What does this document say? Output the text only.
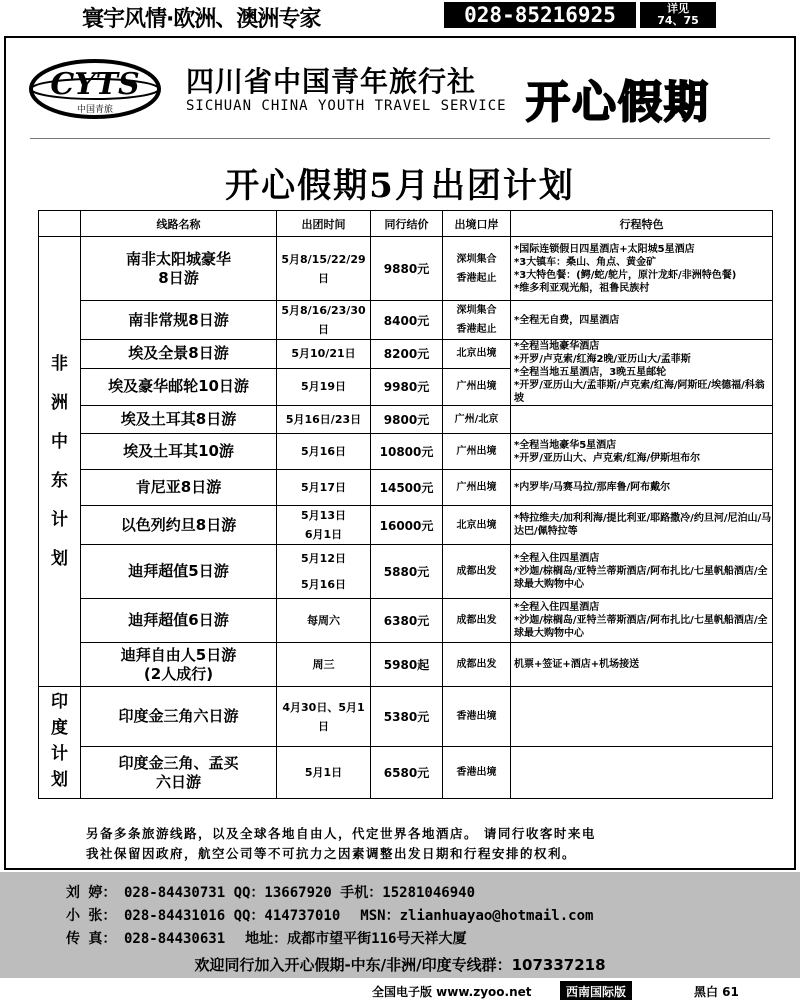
寰宇风情·欧洲、澳洲专家	028-85216925	详见
74、75
CYTS
中国青旅
四川省中国青年旅行社
SICHUAN CHINA YOUTH TRAVEL SERVICE 开心假期
开心假期5月出团计划
	线路名称	出团时间	同行结价	出境口岸	行程特色
非洲中东计划	南非太阳城豪华
8日游	5月8/15/22/29
日	9880元	深圳集合
香港起止	*国际连锁假日四星酒店+太阳城5星酒店
*3大镇车：桑山、角点、黄金矿
*3大特色餐：(鳄/蛇/鸵片，原汁龙虾/非洲特色餐)
*维多利亚观光船，祖鲁民族村
	南非常规8日游	5月8/16/23/30
日	8400元	深圳集合
香港起止	*全程无自费，四星酒店
	埃及全景8日游	5月10/21日	8200元	北京出境	*全程当地豪华酒店
*开罗/卢克索/红海2晚/亚历山大/孟菲斯
*全程当地五星酒店，3晚五星邮轮
*开罗/亚历山大/孟菲斯/卢克索/红海/阿斯旺/埃德福/科翁坡
	埃及豪华邮轮10日游	5月19日	9980元	广州出境	
	埃及土耳其8日游	5月16日/23日	9800元	广州/北京	
	埃及土耳其10游	5月16日	10800元	广州出境	*全程当地豪华5星酒店
*开罗/亚历山大、卢克索/红海/伊斯坦布尔
	肯尼亚8日游	5月17日	14500元	广州出境	*内罗毕/马赛马拉/那库鲁/阿布戴尔
	以色列约旦8日游	5月13日
6月1日	16000元	北京出境	*特拉维夫/加利利海/提比利亚/耶路撒冷/约旦河/尼泊山/马达巴/佩特拉等
	迪拜超值5日游	5月12日
5月16日	5880元	成都出发	*全程入住四星酒店
*沙迦/棕榈岛/亚特兰蒂斯酒店/阿布扎比/七星帆船酒店/全球最大购物中心
	迪拜超值6日游	每周六	6380元	成都出发	*全程入住四星酒店
*沙迦/棕榈岛/亚特兰蒂斯酒店/阿布扎比/七星帆船酒店/全球最大购物中心
	迪拜自由人5日游
(2人成行)	周三	5980起	成都出发	机票+签证+酒店+机场接送
印度计划	印度金三角六日游	4月30日、5月1
日	5380元	香港出境	
	印度金三角、孟买
六日游	5月1日	6580元	香港出境	
另备多条旅游线路，以及全球各地自由人，代定世界各地酒店。 请同行收客时来电
我社保留因政府，航空公司等不可抗力之因素调整出发日期和行程安排的权利。
刘 婷： 028-84430731 QQ：13667920 手机：15281046940
小 张： 028-84431016 QQ：414737010 MSN：zlianhuayao@hotmail.com
传 真： 028-84430631 地址：成都市望平街116号天祥大厦
欢迎同行加入开心假期-中东/非洲/印度专线群：107337218
全国电子版 www.zyoo.net	西南国际版	黑白 61
